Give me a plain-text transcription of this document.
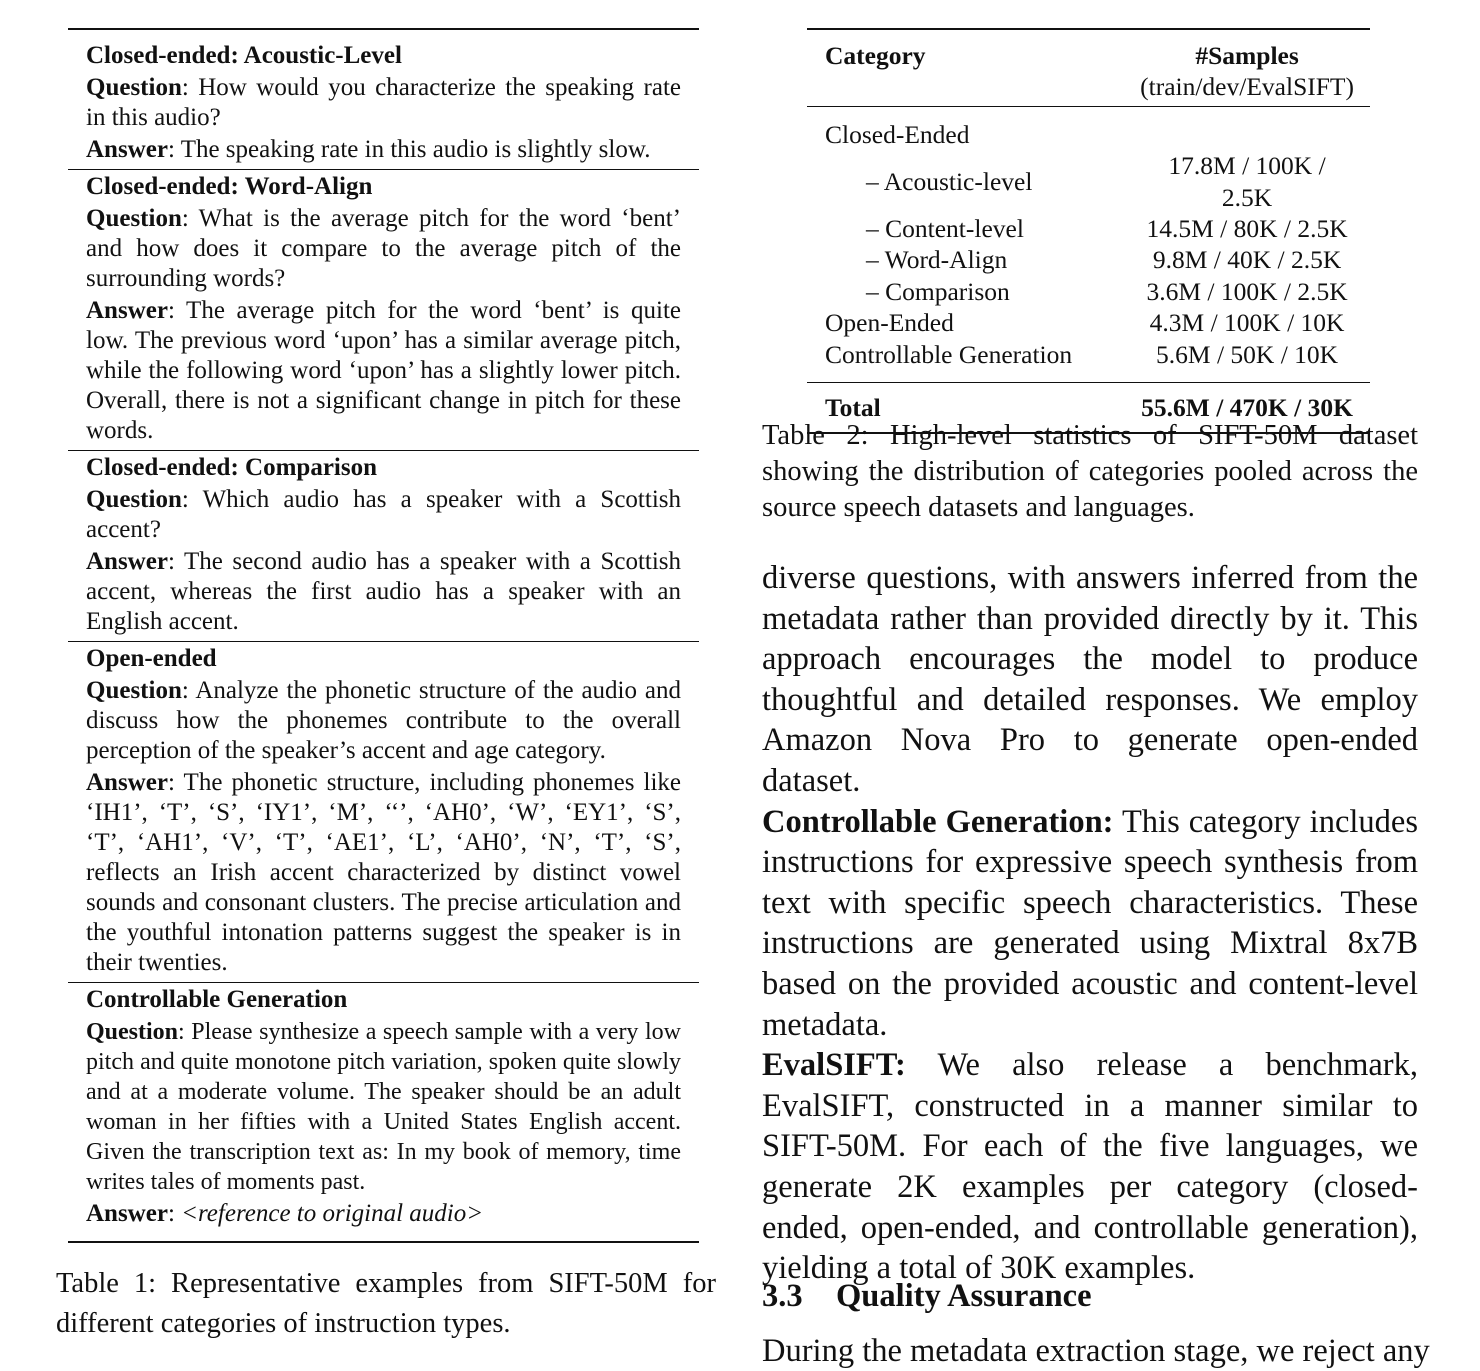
Closed-ended: Acoustic-Level
Question: How would you characterize the speaking rate in this audio?
Answer: The speaking rate in this audio is slightly slow.
Closed-ended: Word-Align
Question: What is the average pitch for the word ‘bent’ and how does it compare to the average pitch of the surrounding words?
Answer: The average pitch for the word ‘bent’ is quite low. The previous word ‘upon’ has a similar average pitch, while the following word ‘upon’ has a slightly lower pitch. Overall, there is not a significant change in pitch for these words.
Closed-ended: Comparison
Question: Which audio has a speaker with a Scottish accent?
Answer: The second audio has a speaker with a Scottish accent, whereas the first audio has a speaker with an English accent.
Open-ended
Question: Analyze the phonetic structure of the audio and discuss how the phonemes contribute to the overall perception of the speaker’s accent and age category.
Answer: The phonetic structure, including phonemes like ‘IH1’, ‘T’, ‘S’, ‘IY1’, ‘M’, ‘‘’, ‘AH0’, ‘W’, ‘EY1’, ‘S’, ‘T’, ‘AH1’, ‘V’, ‘T’, ‘AE1’, ‘L’, ‘AH0’, ‘N’, ‘T’, ‘S’, reflects an Irish accent characterized by distinct vowel sounds and consonant clusters. The precise articulation and the youthful intonation patterns suggest the speaker is in their twenties.
Controllable Generation
Question: Please synthesize a speech sample with a very low pitch and quite monotone pitch variation, spoken quite slowly and at a moderate volume. The speaker should be an adult woman in her fifties with a United States English accent. Given the transcription text as: In my book of memory, time writes tales of moments past.
Answer: <reference to original audio>
Table 1: Representative examples from SIFT-50M for different categories of instruction types.
Category	#Samples
(train/dev/EvalSIFT)

Closed-Ended	
– Acoustic-level	17.8M / 100K / 2.5K
– Content-level	14.5M / 80K / 2.5K
– Word-Align	9.8M / 40K / 2.5K
– Comparison	3.6M / 100K / 2.5K
Open-Ended	4.3M / 100K / 10K
Controllable Generation	5.6M / 50K / 10K
Total	55.6M / 470K / 30K
Table 2: High-level statistics of SIFT-50M dataset showing the distribution of categories pooled across the source speech datasets and languages.

diverse questions, with answers inferred from the metadata rather than provided directly by it. This approach encourages the model to produce thoughtful and detailed responses. We employ Amazon Nova Pro to generate open-ended dataset.

Controllable Generation: This category includes instructions for expressive speech synthesis from text with specific speech characteristics. These instructions are generated using Mixtral 8x7B based on the provided acoustic and content-level metadata.

EvalSIFT: We also release a benchmark, EvalSIFT, constructed in a manner similar to SIFT-50M. For each of the five languages, we generate 2K examples per category (closed-ended, open-ended, and controllable generation), yielding a total of 30K examples.

3.3 Quality Assurance
During the metadata extraction stage, we reject any
